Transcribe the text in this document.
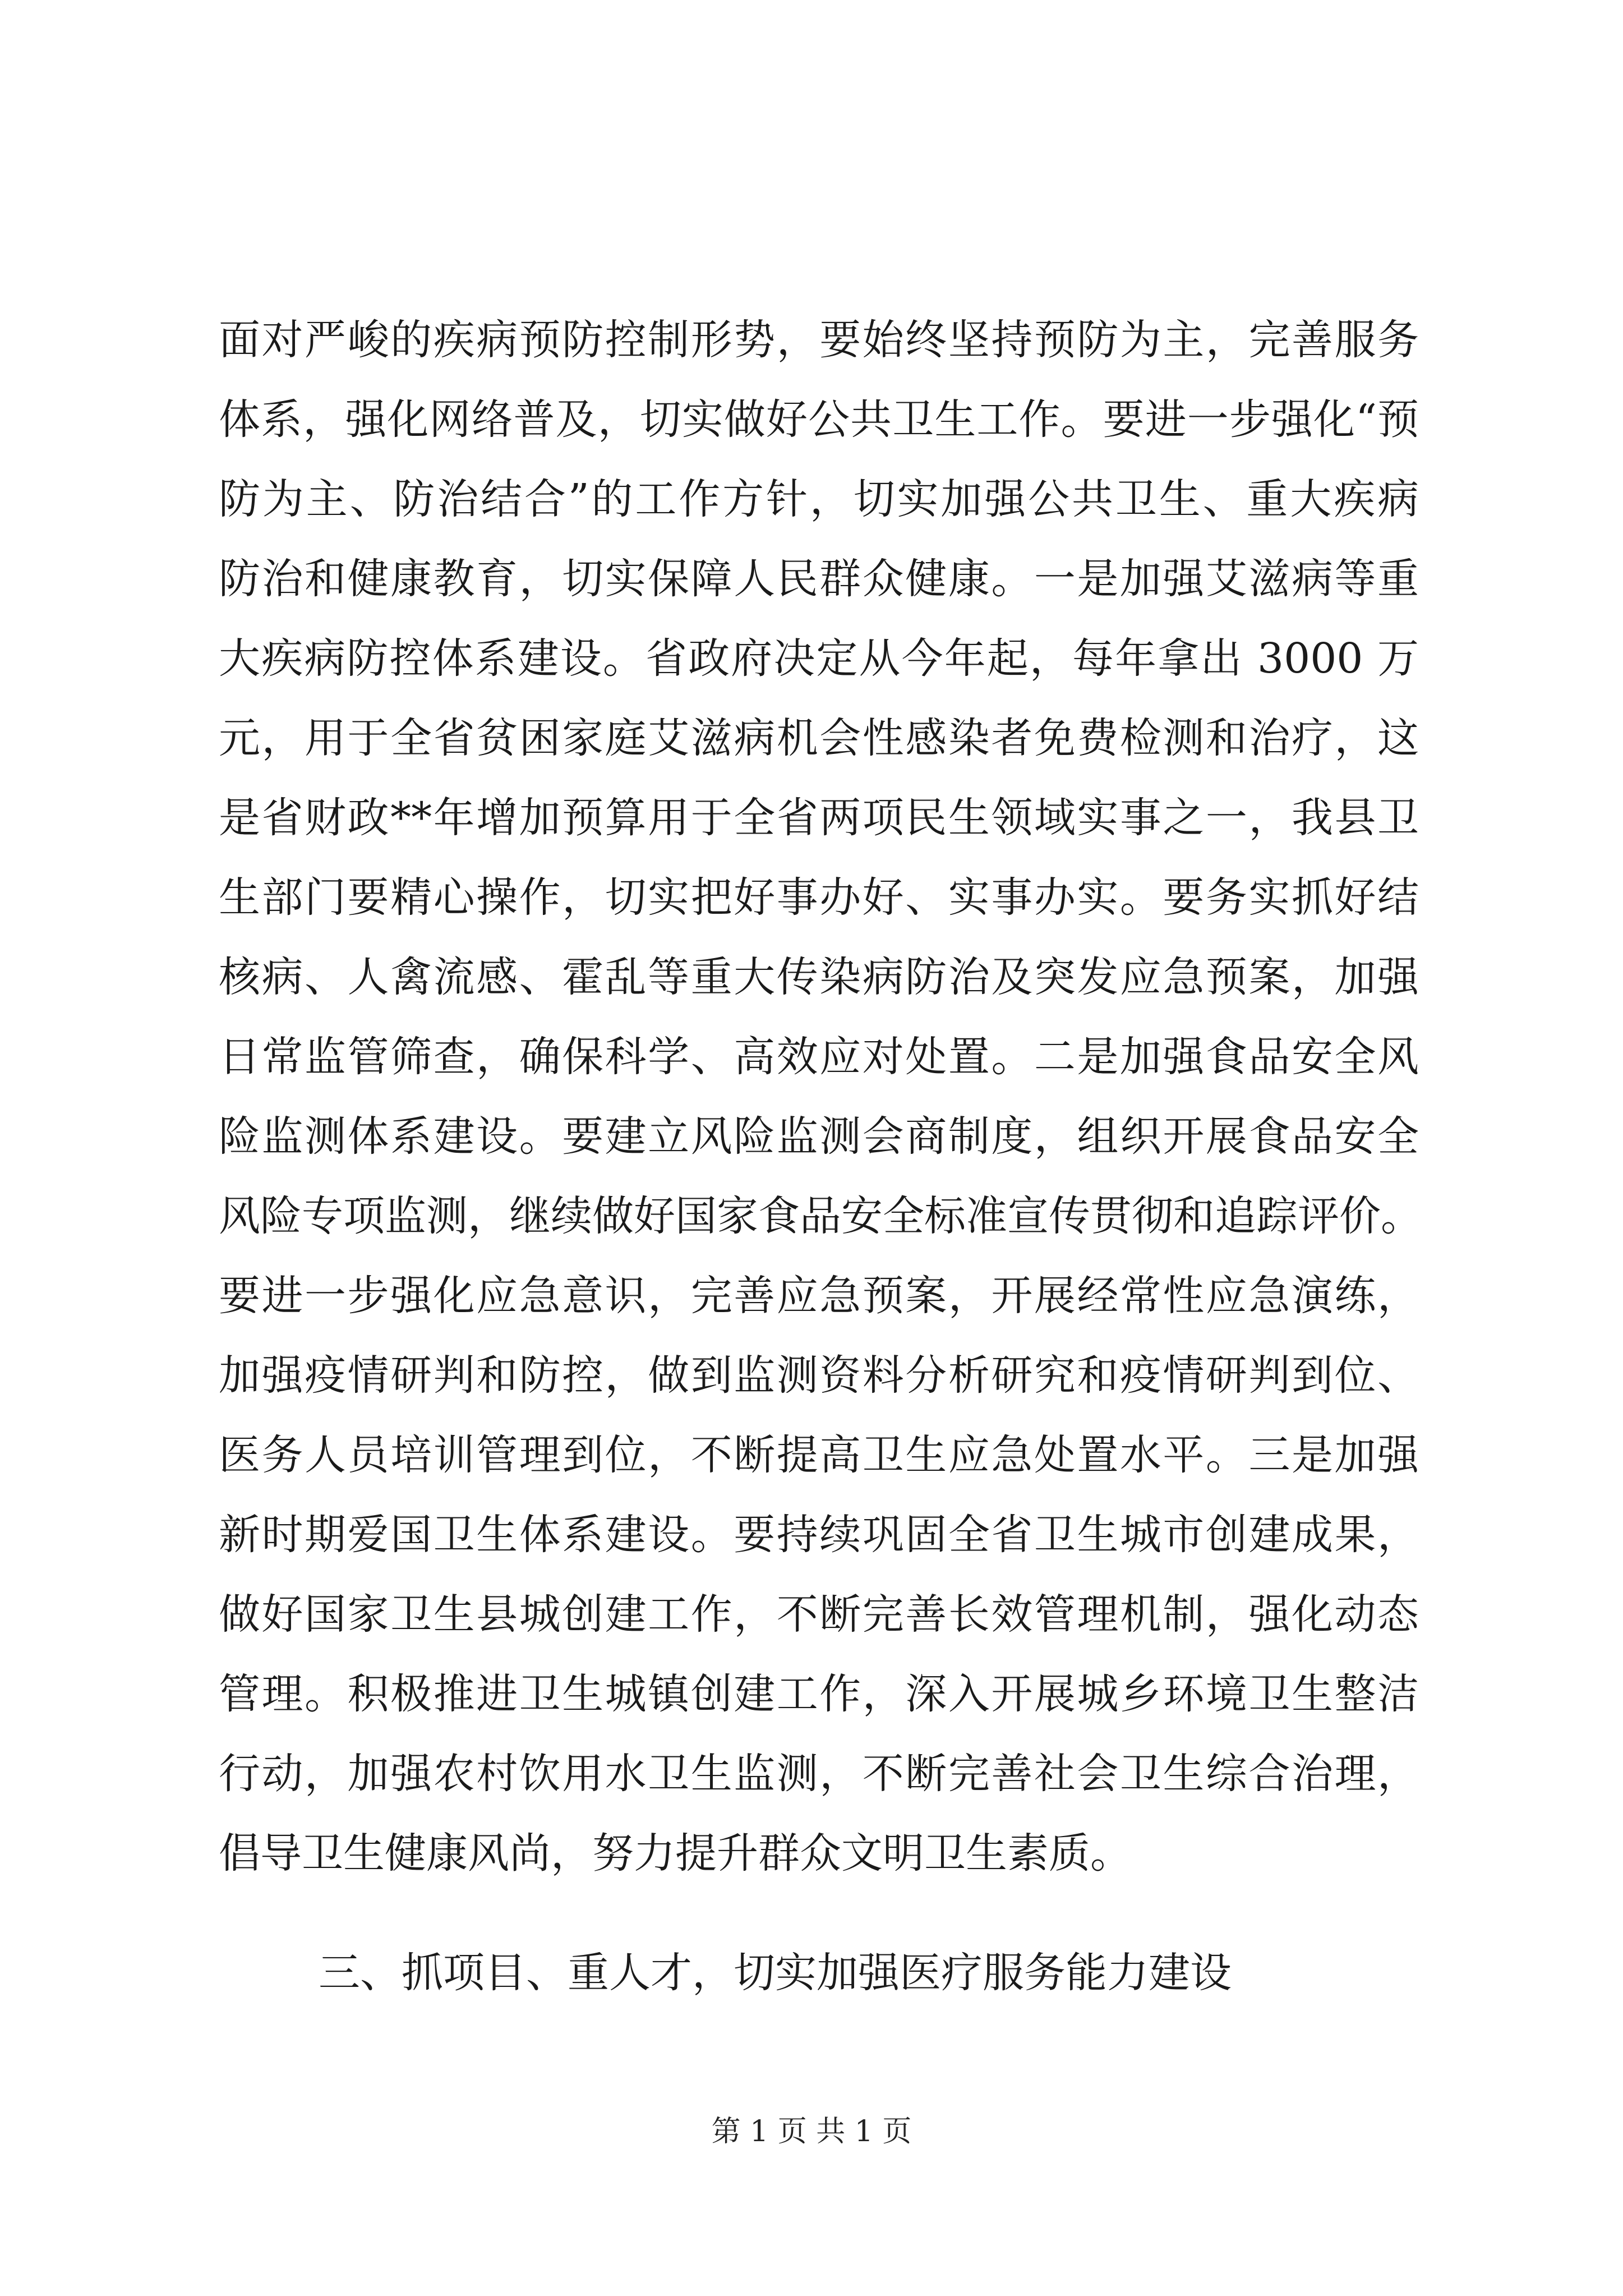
面对严峻的疾病预防控制形势，要始终坚持预防为主，完善服务
体系，强化网络普及，切实做好公共卫生工作。要进一步强化“预
防为主、防治结合”的工作方针，切实加强公共卫生、重大疾病
防治和健康教育，切实保障人民群众健康。一是加强艾滋病等重
大疾病防控体系建设。省政府决定从今年起，每年拿出 3000 万
元，用于全省贫困家庭艾滋病机会性感染者免费检测和治疗，这
是省财政**年增加预算用于全省两项民生领域实事之一，我县卫
生部门要精心操作，切实把好事办好、实事办实。要务实抓好结
核病、人禽流感、霍乱等重大传染病防治及突发应急预案，加强
日常监管筛查，确保科学、高效应对处置。二是加强食品安全风
险监测体系建设。要建立风险监测会商制度，组织开展食品安全
风险专项监测，继续做好国家食品安全标准宣传贯彻和追踪评价。
要进一步强化应急意识，完善应急预案，开展经常性应急演练，
加强疫情研判和防控，做到监测资料分析研究和疫情研判到位、
医务人员培训管理到位，不断提高卫生应急处置水平。三是加强
新时期爱国卫生体系建设。要持续巩固全省卫生城市创建成果，
做好国家卫生县城创建工作，不断完善长效管理机制，强化动态
管理。积极推进卫生城镇创建工作，深入开展城乡环境卫生整洁
行动，加强农村饮用水卫生监测，不断完善社会卫生综合治理，
倡导卫生健康风尚，努力提升群众文明卫生素质。
三、抓项目、重人才，切实加强医疗服务能力建设
第 1 页 共 1 页
